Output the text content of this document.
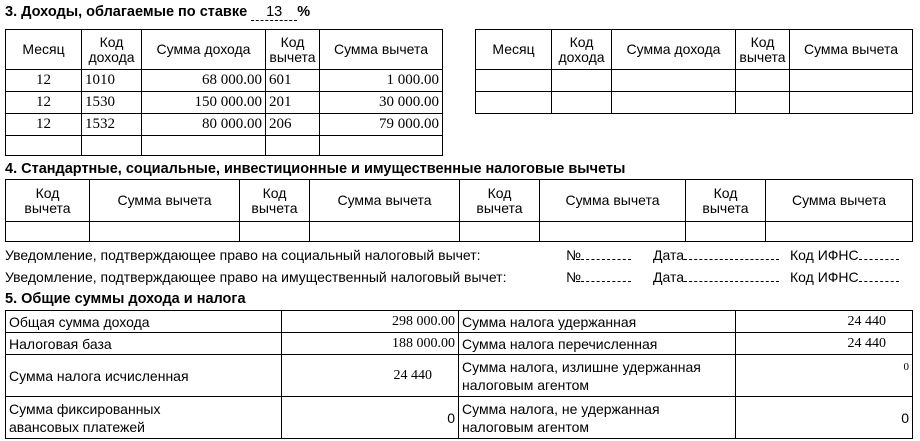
3. Доходы, облагаемые по ставке 13 %
Месяц	Код
дохода	Сумма дохода	Код
вычета	Сумма вычета
12	1010	68 000.00	601	1 000.00
12	1530	150 000.00	201	30 000.00
12	1532	80 000.00	206	79 000.00

Месяц	Код
дохода	Сумма дохода	Код
вычета	Сумма вычета

4. Стандартные, социальные, инвестиционные и имущественные налоговые вычеты
Код
вычета	Сумма вычета	Код
вычета	Сумма вычета	Код
вычета	Сумма вычета	Код
вычета	Сумма вычета

Уведомление, подтверждающее право на социальный налоговый вычет:	№	Дата	Код ИФНС
Уведомление, подтверждающее право на имущественный налоговый вычет:	№	Дата	Код ИФНС
5. Общие суммы дохода и налога
Общая сумма дохода	298 000.00	Сумма налога удержанная	24 440
Налоговая база	188 000.00	Сумма налога перечисленная	24 440
Сумма налога исчисленная	24 440	Сумма налога, излишне удержанная
налоговым агентом	0
Сумма фиксированных
авансовых платежей	0	Сумма налога, не удержанная
налоговым агентом	0
